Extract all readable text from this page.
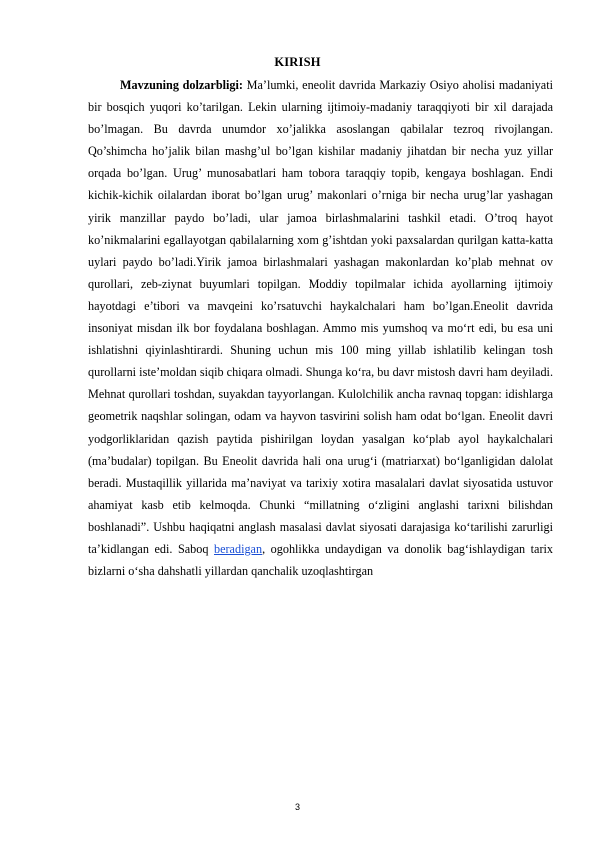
KIRISH
Mavzuning dolzarbligi: Ma’lumki, eneolit davrida Markaziy Osiyo aholisi madaniyati bir bosqich yuqori ko’tarilgan. Lekin ularning ijtimoiy-madaniy taraqqiyoti bir xil darajada bo’lmagan. Bu davrda unumdor xo’jalikka asoslangan qabilalar tezroq rivojlangan. Qo’shimcha ho’jalik bilan mashg’ul bo’lgan kishilar madaniy jihatdan bir necha yuz yillar orqada bo’lgan. Urug’ munosabatlari ham tobora taraqqiy topib, kengaya boshlagan. Endi kichik-kichik oilalardan iborat bo’lgan urug’ makonlari o’rniga bir necha urug’lar yashagan yirik manzillar paydo bo’ladi, ular jamoa birlashmalarini tashkil etadi. O’troq hayot ko’nikmalarini egallayotgan qabilalarning xom g’ishtdan yoki paxsalardan qurilgan katta-katta uylari paydo bo’ladi.Yirik jamoa birlashmalari yashagan makonlardan ko’plab mehnat ov qurollari, zeb-ziynat buyumlari topilgan. Moddiy topilmalar ichida ayollarning ijtimoiy hayotdagi e’tibori va mavqeini ko’rsatuvchi haykalchalari ham bo’lgan.Eneolit davrida insoniyat misdan ilk bor foydalana boshlagan. Ammo mis yumshoq va mo‘rt edi, bu esa uni ishlatishni qiyinlashtirardi. Shuning uchun mis 100 ming yillab ishlatilib kelingan tosh qurollarni iste’moldan siqib chiqara olmadi. Shunga ko‘ra, bu davr mistosh davri ham deyiladi. Mehnat qurollari toshdan, suyakdan tayyorlangan. Kulolchilik ancha ravnaq topgan: idishlarga geometrik naqshlar solingan, odam va hayvon tasvirini solish ham odat bo‘lgan. Eneolit davri yodgorliklaridan qazish paytida pishirilgan loydan yasalgan ko‘plab ayol haykalchalari (ma’budalar) topilgan. Bu Eneolit davrida hali ona urug‘i (matriarxat) bo‘lganligidan dalolat beradi. Mustaqillik yillarida ma’naviyat va tarixiy xotira masalalari davlat siyosatida ustuvor ahamiyat kasb etib kelmoqda. Chunki “millatning o‘zligini anglashi tarixni bilishdan boshlanadi”. Ushbu haqiqatni anglash masalasi davlat siyosati darajasiga ko‘tarilishi zarurligi ta’kidlangan edi. Saboq beradigan, ogohlikka undaydigan va donolik bag‘ishlaydigan tarix bizlarni o‘sha dahshatli yillardan qanchalik uzoqlashtirgan
3
